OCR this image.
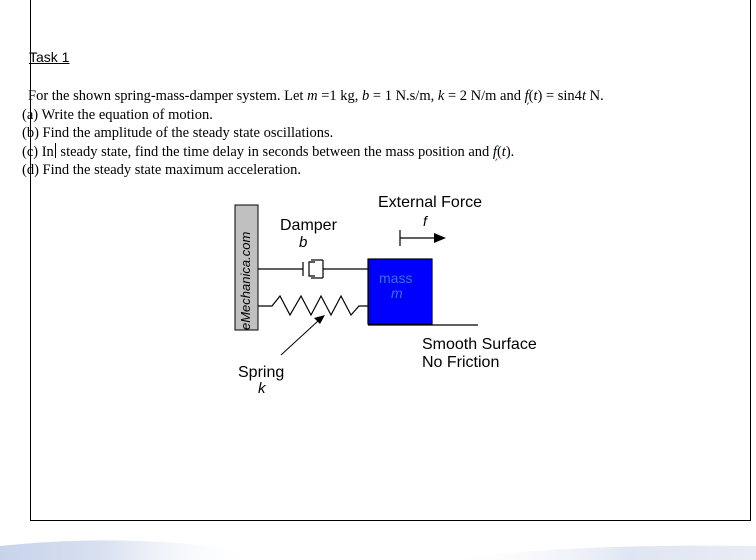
Task 1
For the shown spring-mass-damper system. Let m =1 kg, b = 1 N.s/m, k = 2 N/m and f(t) = sin4t N.
(a) Write the equation of motion.
(b) Find the amplitude of the steady state oscillations.
(c) In steady state, find the time delay in seconds between the mass position and f(t).
(d) Find the steady state maximum acceleration.
eMechanica.com
Damper
b
Spring
k
mass
m
External Force
f
Smooth Surface
No Friction
